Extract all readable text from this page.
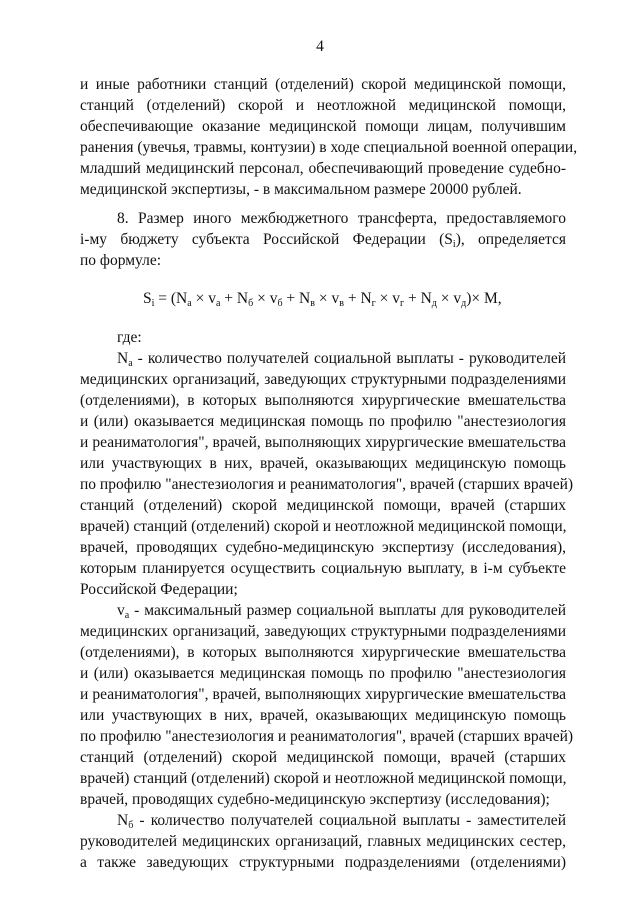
4
и иные работники станций (отделений) скорой медицинской помощи,
станций (отделений) скорой и неотложной медицинской помощи,
обеспечивающие оказание медицинской помощи лицам, получившим
ранения (увечья, травмы, контузии) в ходе специальной военной операции,
младший медицинский персонал, обеспечивающий проведение судебно-
медицинской экспертизы, - в максимальном размере 20000 рублей.
8. Размер иного межбюджетного трансферта, предоставляемого
i-му бюджету субъекта Российской Федерации $(S_i)$, определяется
по формуле:
$S_i = (N_а \times v_а + N_б \times v_б + N_в \times v_в + N_г \times v_г + N_д \times v_д)\times M$,
где:
$N_а$ - количество получателей социальной выплаты - руководителей
медицинских организаций, заведующих структурными подразделениями
(отделениями), в которых выполняются хирургические вмешательства
и (или) оказывается медицинская помощь по профилю "анестезиология
и реаниматология", врачей, выполняющих хирургические вмешательства
или участвующих в них, врачей, оказывающих медицинскую помощь
по профилю "анестезиология и реаниматология", врачей (старших врачей)
станций (отделений) скорой медицинской помощи, врачей (старших
врачей) станций (отделений) скорой и неотложной медицинской помощи,
врачей, проводящих судебно-медицинскую экспертизу (исследования),
которым планируется осуществить социальную выплату, в i-м субъекте
Российской Федерации;
$v_а$ - максимальный размер социальной выплаты для руководителей
медицинских организаций, заведующих структурными подразделениями
(отделениями), в которых выполняются хирургические вмешательства
и (или) оказывается медицинская помощь по профилю "анестезиология
и реаниматология", врачей, выполняющих хирургические вмешательства
или участвующих в них, врачей, оказывающих медицинскую помощь
по профилю "анестезиология и реаниматология", врачей (старших врачей)
станций (отделений) скорой медицинской помощи, врачей (старших
врачей) станций (отделений) скорой и неотложной медицинской помощи,
врачей, проводящих судебно-медицинскую экспертизу (исследования);
$N_б$ - количество получателей социальной выплаты - заместителей
руководителей медицинских организаций, главных медицинских сестер,
а также заведующих структурными подразделениями (отделениями)
